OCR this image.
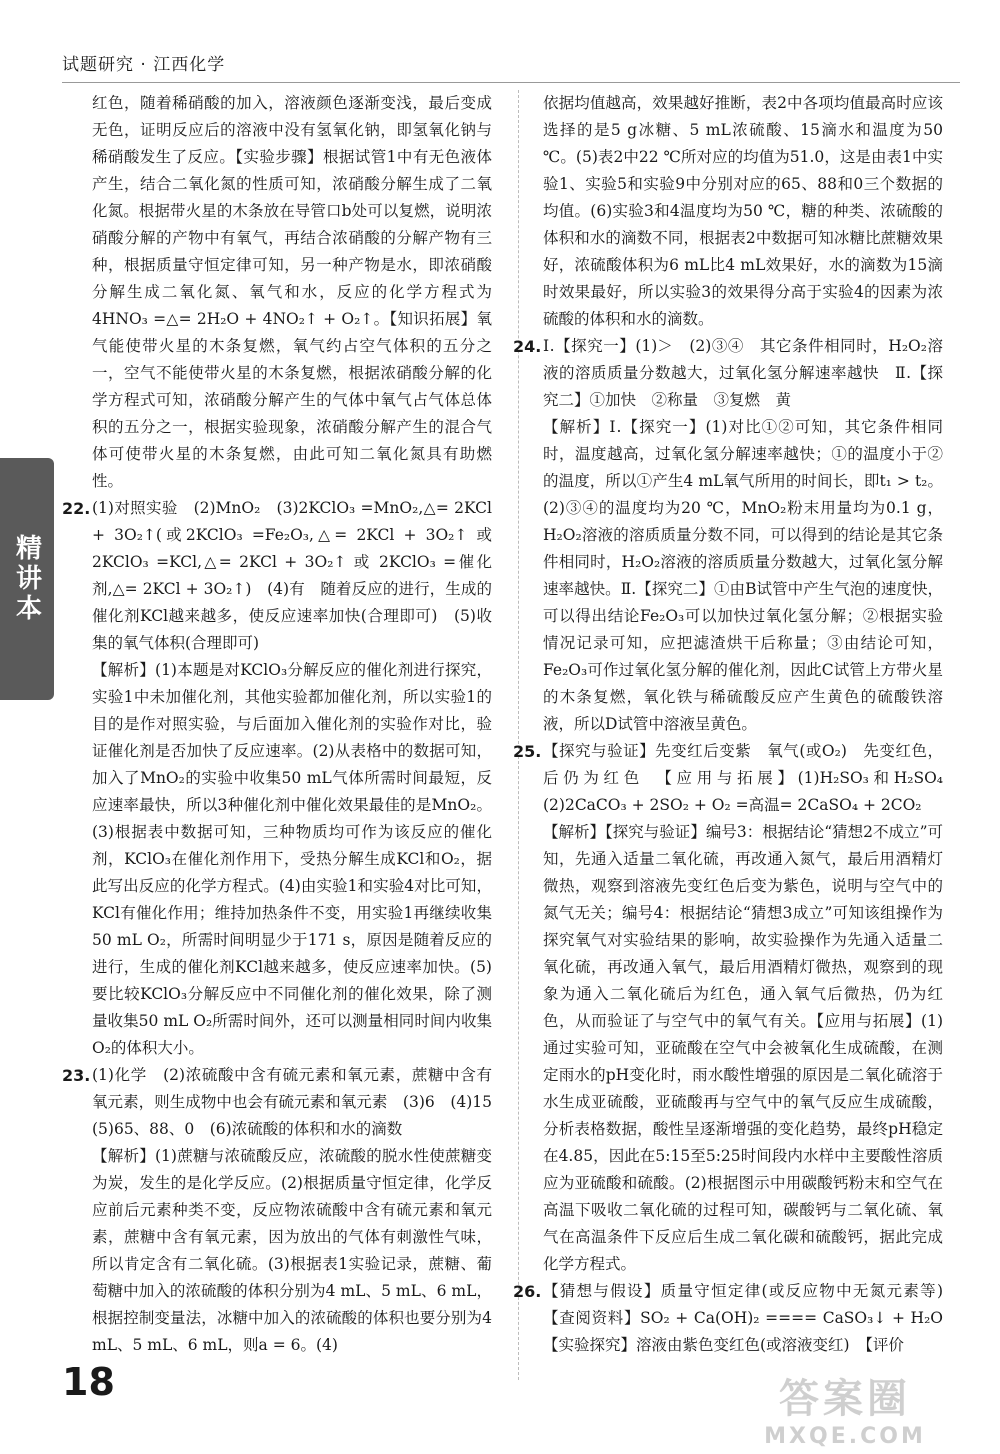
试题研究 · 江西化学
精讲本

红色，随着稀硝酸的加入，溶液颜色逐渐变浅，最后变成无色，证明反应后的溶液中没有氢氧化钠，即氢氧化钠与稀硝酸发生了反应。【实验步骤】根据试管1中有无色液体产生，结合二氧化氮的性质可知，浓硝酸分解生成了二氧化氮。根据带火星的木条放在导管口b处可以复燃，说明浓硝酸分解的产物中有氧气，再结合浓硝酸的分解产物有三种，根据质量守恒定律可知，另一种产物是水，即浓硝酸分解生成二氧化氮、氧气和水，反应的化学方程式为4HNO₃ =△= 2H₂O + 4NO₂↑ + O₂↑。【知识拓展】氧气能使带火星的木条复燃，氧气约占空气体积的五分之一，空气不能使带火星的木条复燃，根据浓硝酸分解的化学方程式可知，浓硝酸分解产生的气体中氧气占气体总体积的五分之一，根据实验现象，浓硝酸分解产生的混合气体可使带火星的木条复燃，由此可知二氧化氮具有助燃性。

22. (1)对照实验　(2)MnO₂　(3)2KClO₃ =MnO₂,△= 2KCl + 3O₂↑(或2KClO₃ =Fe₂O₃,△= 2KCl + 3O₂↑ 或 2KClO₃ =KCl,△= 2KCl + 3O₂↑ 或 2KClO₃ =催化剂,△= 2KCl + 3O₂↑)　(4)有　随着反应的进行，生成的催化剂KCl越来越多，使反应速率加快(合理即可)　(5)收集的氧气体积(合理即可)
【解析】(1)本题是对KClO₃分解反应的催化剂进行探究，实验1中未加催化剂，其他实验都加催化剂，所以实验1的目的是作对照实验，与后面加入催化剂的实验作对比，验证催化剂是否加快了反应速率。(2)从表格中的数据可知，加入了MnO₂的实验中收集50 mL气体所需时间最短，反应速率最快，所以3种催化剂中催化效果最佳的是MnO₂。(3)根据表中数据可知，三种物质均可作为该反应的催化剂，KClO₃在催化剂作用下，受热分解生成KCl和O₂，据此写出反应的化学方程式。(4)由实验1和实验4对比可知，KCl有催化作用；维持加热条件不变，用实验1再继续收集50 mL O₂，所需时间明显少于171 s，原因是随着反应的进行，生成的催化剂KCl越来越多，使反应速率加快。(5)要比较KClO₃分解反应中不同催化剂的催化效果，除了测量收集50 mL O₂所需时间外，还可以测量相同时间内收集O₂的体积大小。
23. (1)化学　(2)浓硫酸中含有硫元素和氧元素，蔗糖中含有氧元素，则生成物中也会有硫元素和氧元素　(3)6　(4)15　(5)65、88、0　(6)浓硫酸的体积和水的滴数
【解析】(1)蔗糖与浓硫酸反应，浓硫酸的脱水性使蔗糖变为炭，发生的是化学反应。(2)根据质量守恒定律，化学反应前后元素种类不变，反应物浓硫酸中含有硫元素和氧元素，蔗糖中含有氧元素，因为放出的气体有刺激性气味，所以肯定含有二氧化硫。(3)根据表1实验记录，蔗糖、葡萄糖中加入的浓硫酸的体积分别为4 mL、5 mL、6 mL，根据控制变量法，冰糖中加入的浓硫酸的体积也要分别为4 mL、5 mL、6 mL，则a = 6。(4)

依据均值越高，效果越好推断，表2中各项均值最高时应该选择的是5 g冰糖、5 mL浓硫酸、15滴水和温度为50 ℃。(5)表2中22 ℃所对应的均值为51.0，这是由表1中实验1、实验5和实验9中分别对应的65、88和0三个数据的均值。(6)实验3和4温度均为50 ℃，糖的种类、浓硫酸的体积和水的滴数不同，根据表2中数据可知冰糖比蔗糖效果好，浓硫酸体积为6 mL比4 mL效果好，水的滴数为15滴时效果最好，所以实验3的效果得分高于实验4的因素为浓硫酸的体积和水的滴数。

24. Ⅰ.【探究一】(1)＞　(2)③④　其它条件相同时，H₂O₂溶液的溶质质量分数越大，过氧化氢分解速率越快　Ⅱ.【探究二】①加快　②称量　③复燃　黄
【解析】Ⅰ.【探究一】(1)对比①②可知，其它条件相同时，温度越高，过氧化氢分解速率越快；①的温度小于②的温度，所以①产生4 mL氧气所用的时间长，即t₁ > t₂。(2)③④的温度均为20 ℃，MnO₂粉末用量均为0.1 g，H₂O₂溶液的溶质质量分数不同，可以得到的结论是其它条件相同时，H₂O₂溶液的溶质质量分数越大，过氧化氢分解速率越快。Ⅱ.【探究二】①由B试管中产生气泡的速度快，可以得出结论Fe₂O₃可以加快过氧化氢分解；②根据实验情况记录可知，应把滤渣烘干后称量；③由结论可知，Fe₂O₃可作过氧化氢分解的催化剂，因此C试管上方带火星的木条复燃，氧化铁与稀硫酸反应产生黄色的硫酸铁溶液，所以D试管中溶液呈黄色。
25. 【探究与验证】先变红后变紫　氧气(或O₂)　先变红色，后仍为红色　【应用与拓展】(1)H₂SO₃和H₂SO₄　(2)2CaCO₃ + 2SO₂ + O₂ =高温= 2CaSO₄ + 2CO₂
【解析】【探究与验证】编号3：根据结论“猜想2不成立”可知，先通入适量二氧化硫，再改通入氮气，最后用酒精灯微热，观察到溶液先变红色后变为紫色，说明与空气中的氮气无关；编号4：根据结论“猜想3成立”可知该组操作为探究氧气对实验结果的影响，故实验操作为先通入适量二氧化硫，再改通入氧气，最后用酒精灯微热，观察到的现象为通入二氧化硫后为红色，通入氧气后微热，仍为红色，从而验证了与空气中的氧气有关。【应用与拓展】(1)通过实验可知，亚硫酸在空气中会被氧化生成硫酸，在测定雨水的pH变化时，雨水酸性增强的原因是二氧化硫溶于水生成亚硫酸，亚硫酸再与空气中的氧气反应生成硫酸，分析表格数据，酸性呈逐渐增强的变化趋势，最终pH稳定在4.85，因此在5:15至5:25时间段内水样中主要酸性溶质应为亚硫酸和硫酸。(2)根据图示中用碳酸钙粉末和空气在高温下吸收二氧化硫的过程可知，碳酸钙与二氧化硫、氧气在高温条件下反应后生成二氧化碳和硫酸钙，据此完成化学方程式。
26. 【猜想与假设】质量守恒定律(或反应物中无氮元素等)　【查阅资料】SO₂ + Ca(OH)₂ ==== CaSO₃↓ + H₂O　【实验探究】溶液由紫色变红色(或溶液变红)　【评价
18	答案圈
MXQE.COM
